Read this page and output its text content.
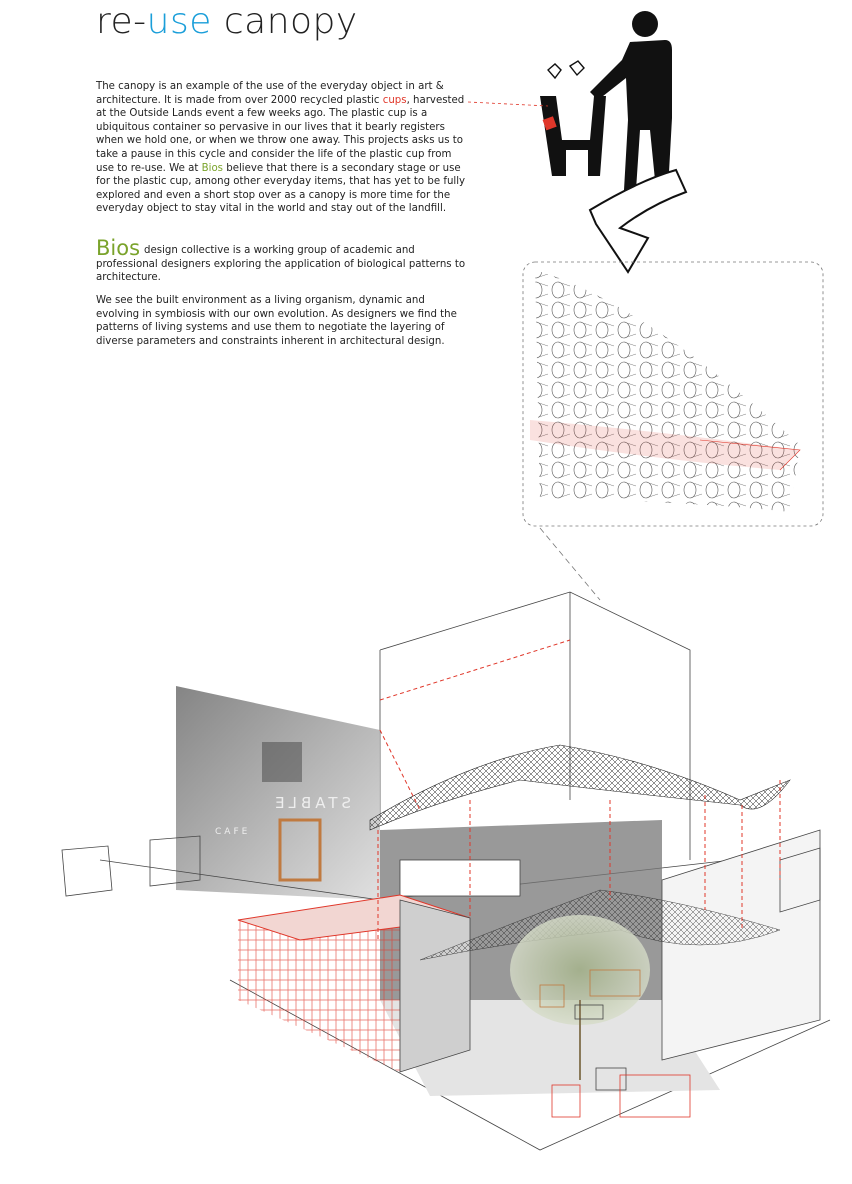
re-use canopy
The canopy is an example of the use of the everyday object in art & architecture. It is made from over 2000 recycled plastic cups, harvested at the Outside Lands event a few weeks ago. The plastic cup is a ubiquitous container so pervasive in our lives that it bearly registers when we hold one, or when we throw one away. This projects asks us to take a pause in this cycle and consider the life of the plastic cup from use to re-use. We at Bios believe that there is a secondary stage or use for the plastic cup, among other everyday items, that has yet to be fully explored and even a short stop over as a canopy is more time for the everyday object to stay vital in the world and stay out of the landfill.
Bios design collective is a working group of academic and professional designers exploring the application of biological patterns to architecture.
We see the built environment as a living organism, dynamic and evolving in symbiosis with our own evolution. As designers we find the patterns of living systems and use them to negotiate the layering of diverse parameters and constraints inherent in architectural design.
STABLE
CAFE
